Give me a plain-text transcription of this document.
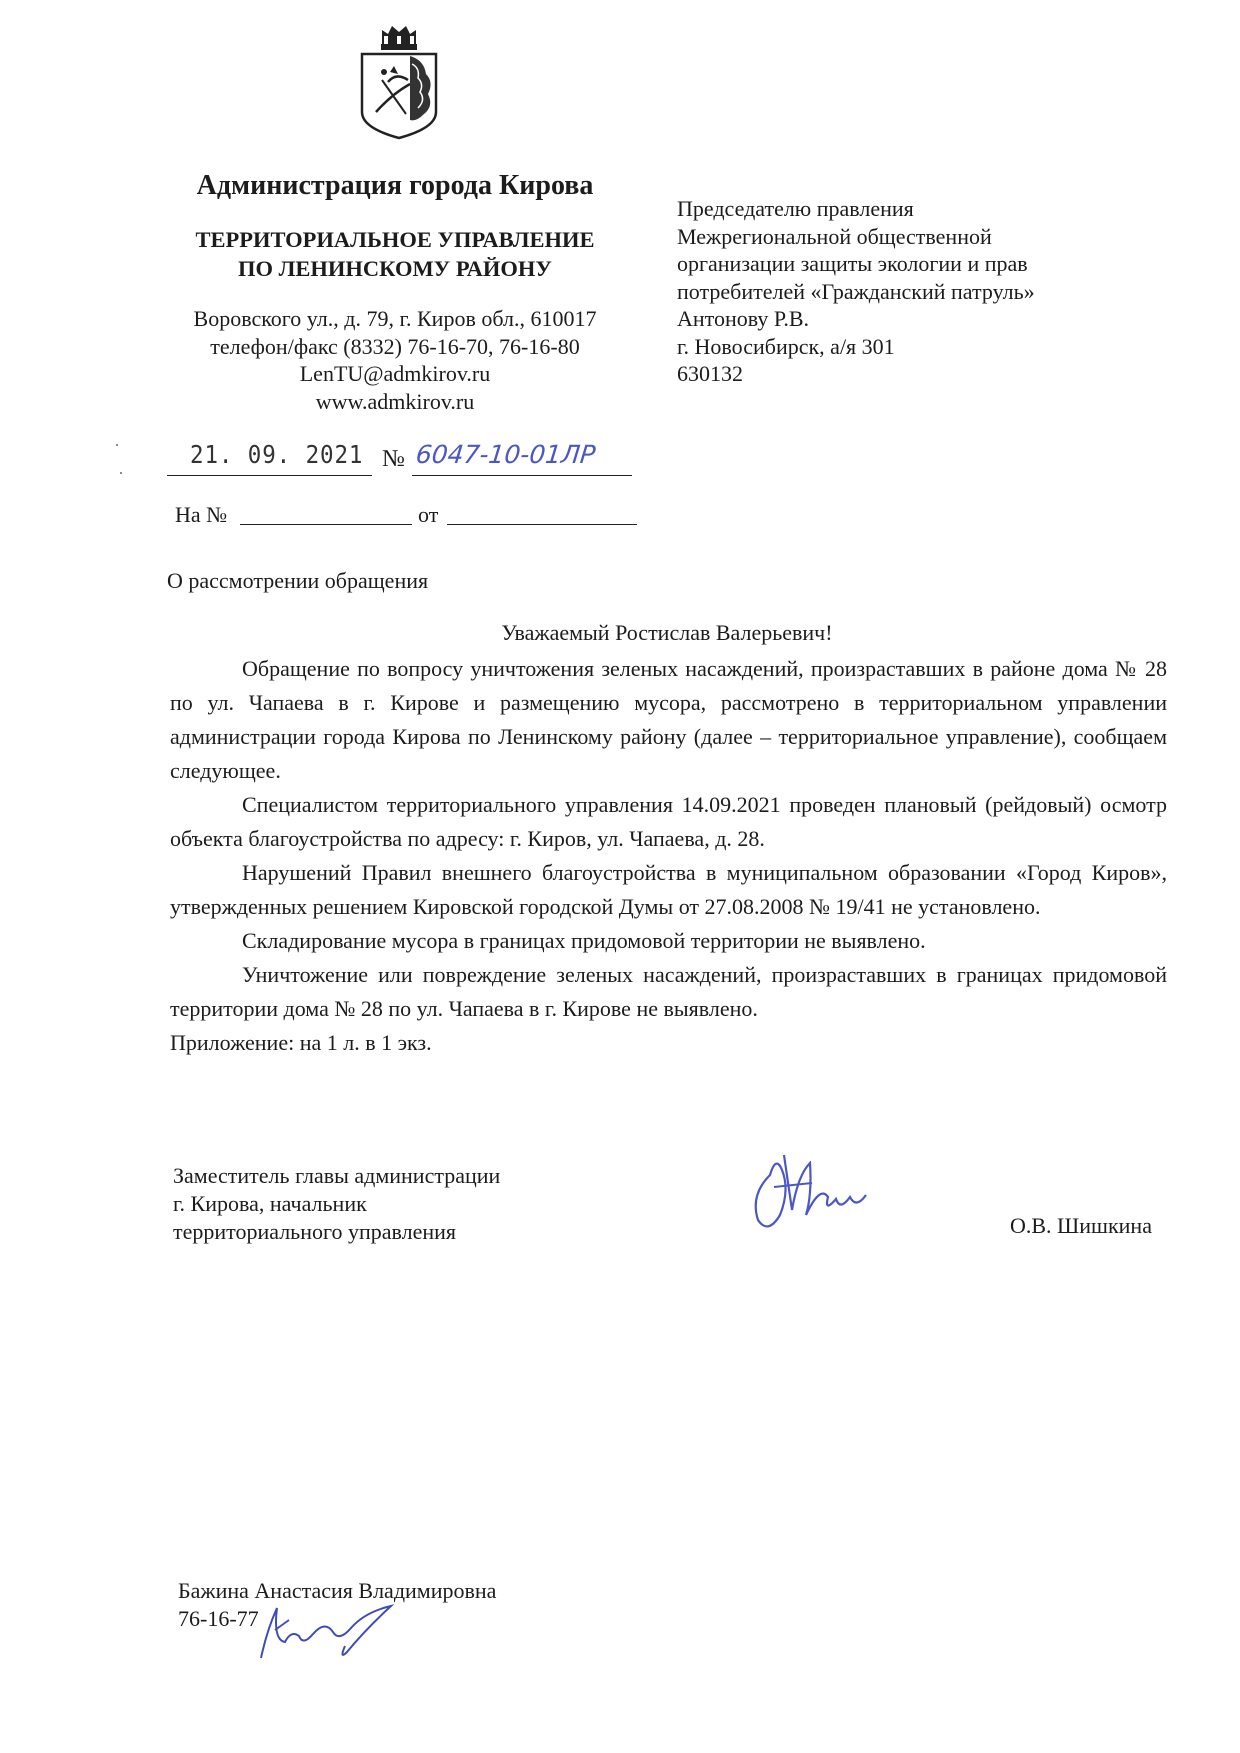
Администрация города Кирова
ТЕРРИТОРИАЛЬНОЕ УПРАВЛЕНИЕ
ПО ЛЕНИНСКОМУ РАЙОНУ
Воровского ул., д. 79, г. Киров обл., 610017
телефон/факс (8332) 76-16-70, 76-16-80
LenTU@admkirov.ru
www.admkirov.ru
21. 09. 2021 № 6047-10-01ЛР
На №	от
Председателю правления
Межрегиональной общественной
организации защиты экологии и прав
потребителей «Гражданский патруль»
Антонову Р.В.
г. Новосибирск, а/я 301
630132
О рассмотрении обращения
Уважаемый Ростислав Валерьевич!

Обращение по вопросу уничтожения зеленых насаждений, произраставших в районе дома № 28 по ул. Чапаева в г. Кирове и размещению мусора, рассмотрено в территориальном управлении администрации города Кирова по Ленинскому району (далее – территориальное управление), сообщаем следующее.

Специалистом территориального управления 14.09.2021 проведен плановый (рейдовый) осмотр объекта благоустройства по адресу: г. Киров, ул. Чапаева, д. 28.

Нарушений Правил внешнего благоустройства в муниципальном образовании «Город Киров», утвержденных решением Кировской городской Думы от 27.08.2008 № 19/41 не установлено.

Складирование мусора в границах придомовой территории не выявлено.

Уничтожение или повреждение зеленых насаждений, произраставших в границах придомовой территории дома № 28 по ул. Чапаева в г. Кирове не выявлено.

Приложение: на 1 л. в 1 экз.

Заместитель главы администрации
г. Кирова, начальник
территориального управления	О.В. Шишкина
Бажина Анастасия Владимировна
76-16-77
